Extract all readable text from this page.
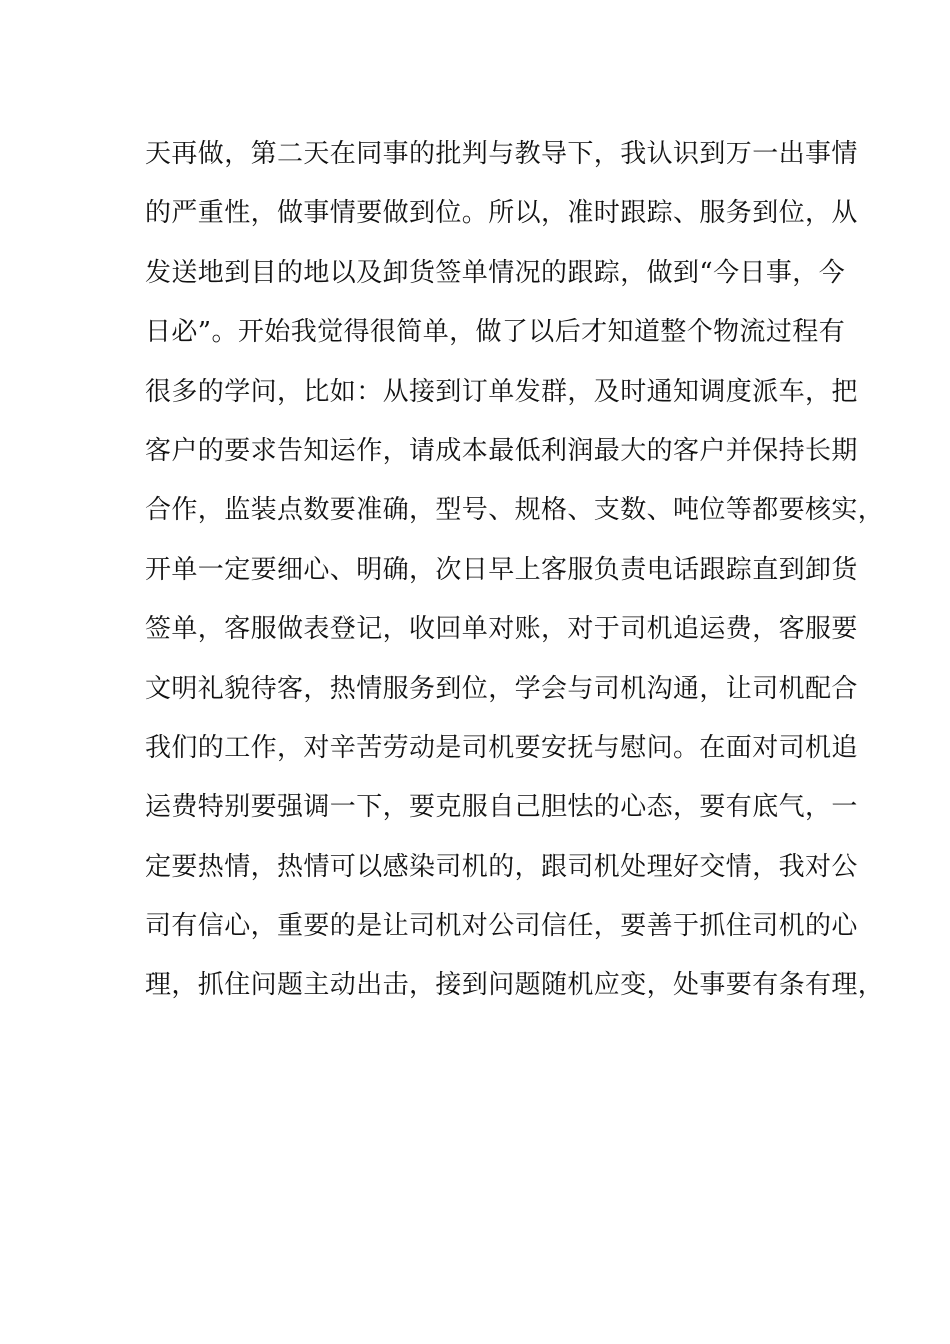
天再做，第二天在同事的批判与教导下，我认识到万一出事情
的严重性，做事情要做到位。所以，准时跟踪、服务到位，从
发送地到目的地以及卸货签单情况的跟踪，做到“今日事，今
日必”。开始我觉得很简单，做了以后才知道整个物流过程有
很多的学问，比如：从接到订单发群，及时通知调度派车，把
客户的要求告知运作，请成本最低利润最大的客户并保持长期
合作，监装点数要准确，型号、规格、支数、吨位等都要核实，
开单一定要细心、明确，次日早上客服负责电话跟踪直到卸货
签单，客服做表登记，收回单对账，对于司机追运费，客服要
文明礼貌待客，热情服务到位，学会与司机沟通，让司机配合
我们的工作，对辛苦劳动是司机要安抚与慰问。在面对司机追
运费特别要强调一下，要克服自己胆怯的心态，要有底气，一
定要热情，热情可以感染司机的，跟司机处理好交情，我对公
司有信心，重要的是让司机对公司信任，要善于抓住司机的心
理，抓住问题主动出击，接到问题随机应变，处事要有条有理，
